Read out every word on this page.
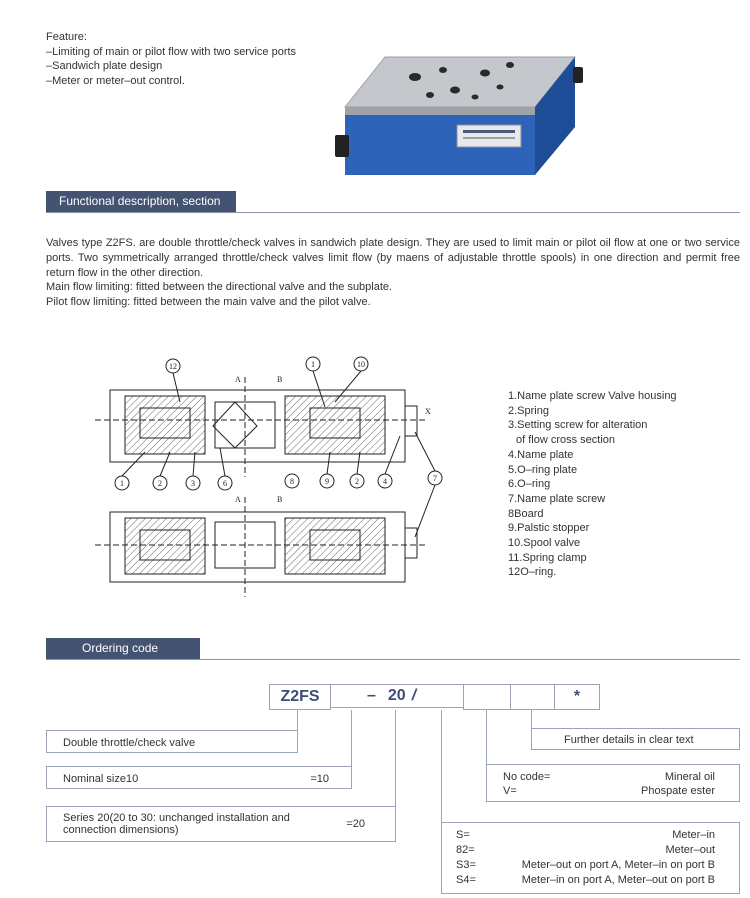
Feature:
–Limiting of main or pilot flow with two service ports
–Sandwich plate design
–Meter or meter–out control.
Functional description, section
Valves type Z2FS. are double throttle/check valves in sandwich plate design. They are used to limit main or pilot oil flow at one or two service ports. Two symmetrically arranged throttle/check valves limit flow (by maens of adjustable throttle spools) in one direction and permit free return flow in the other direction.
Main flow limiting: fitted between the directional valve and the subplate.
Pilot flow limiting: fitted between the main valve and the pilot valve.
12	1	10
1	2	3	6	8	9	2	4	7
A	B
A	B
X
1.Name plate screw Valve housing
2.Spring
3.Setting screw for alteration
of flow cross section
4.Name plate
5.O–ring plate
6.O–ring
7.Name plate screw
8Board
9.Palstic stopper
10.Spool valve
11.Spring clamp
12O–ring.
Ordering code
Z2FS	– 20 /	*
Double throttle/check valve
Nominal size10	=10
Series 20(20 to 30: unchanged installation and connection dimensions)	=20
Further details in clear text
No code=	Mineral oil
V=	Phospate ester
S=	Meter–in
82=	Meter–out
S3=	Meter–out on port A, Meter–in on port B
S4=	Meter–in on port A, Meter–out on port B
